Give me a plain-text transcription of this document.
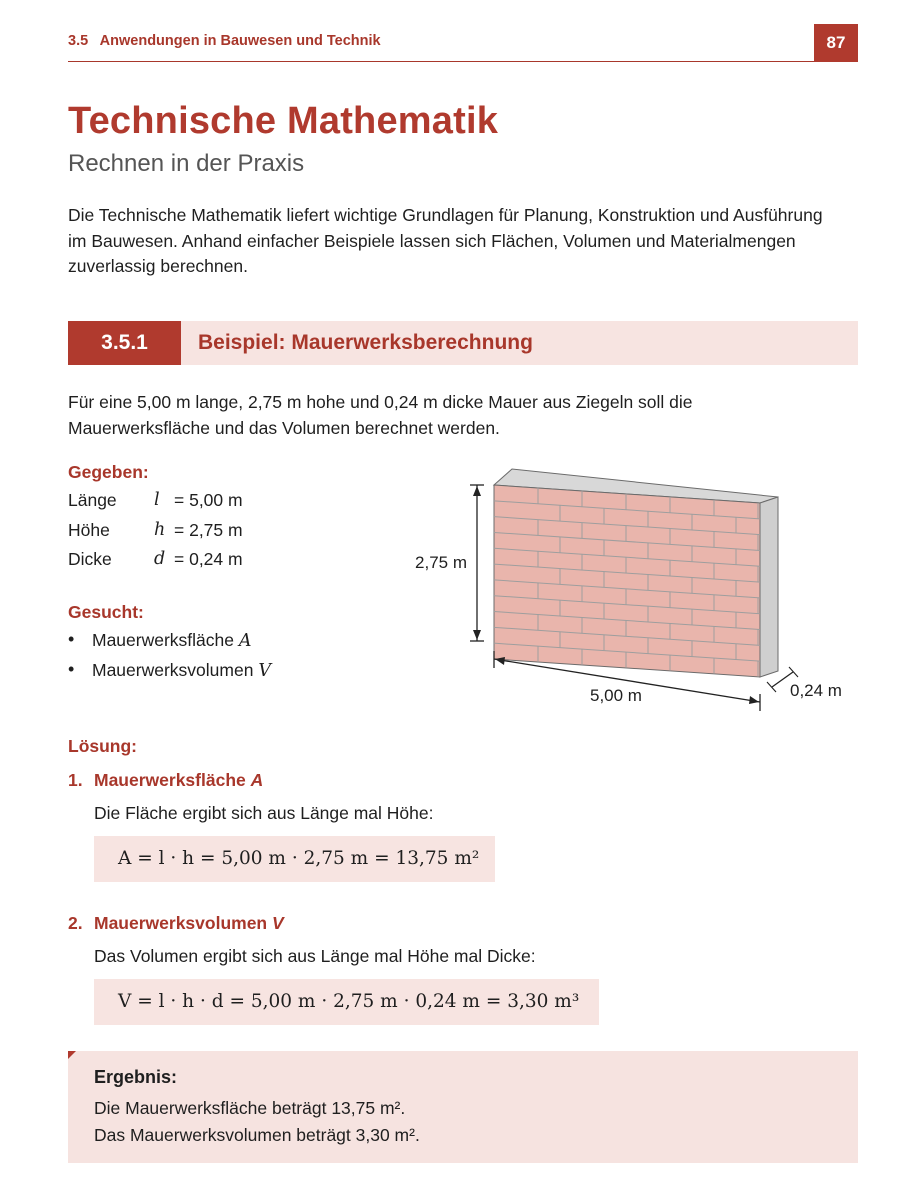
3.5 Anwendungen in Bauwesen und Technik	87
Technische Mathematik
Rechnen in der Praxis

Die Technische Mathematik liefert wichtige Grundlagen für Planung, Konstruktion und Ausführung im Bauwesen. Anhand einfacher Beispiele lassen sich Flächen, Volumen und Materialmengen zuverlassig berechnen.

3.5.1	Beispiel: Mauerwerksberechnung

Für eine 5,00 m lange, 2,75 m hohe und 0,24 m dicke Mauer aus Ziegeln soll die Mauerwerksfläche und das Volumen berechnet werden.

Gegeben:
Länge l = 5,00 m
Höhe	h = 2,75 m
Dicke d = 0,24 m
Gesucht:
• Mauerwerksfläche A
• Mauerwerksvolumen V
2,75 m
5,00 m	0,24 m
Lösung:
1. Mauerwerksfläche A
Die Fläche ergibt sich aus Länge mal Höhe:
A = l · h = 5,00 m · 2,75 m = 13,75 m²
2. Mauerwerksvolumen V
Das Volumen ergibt sich aus Länge mal Höhe mal Dicke:
V = l · h · d = 5,00 m · 2,75 m · 0,24 m = 3,30 m³
Ergebnis:
Die Mauerwerksfläche beträgt 13,75 m².
Das Mauerwerksvolumen beträgt 3,30 m².
